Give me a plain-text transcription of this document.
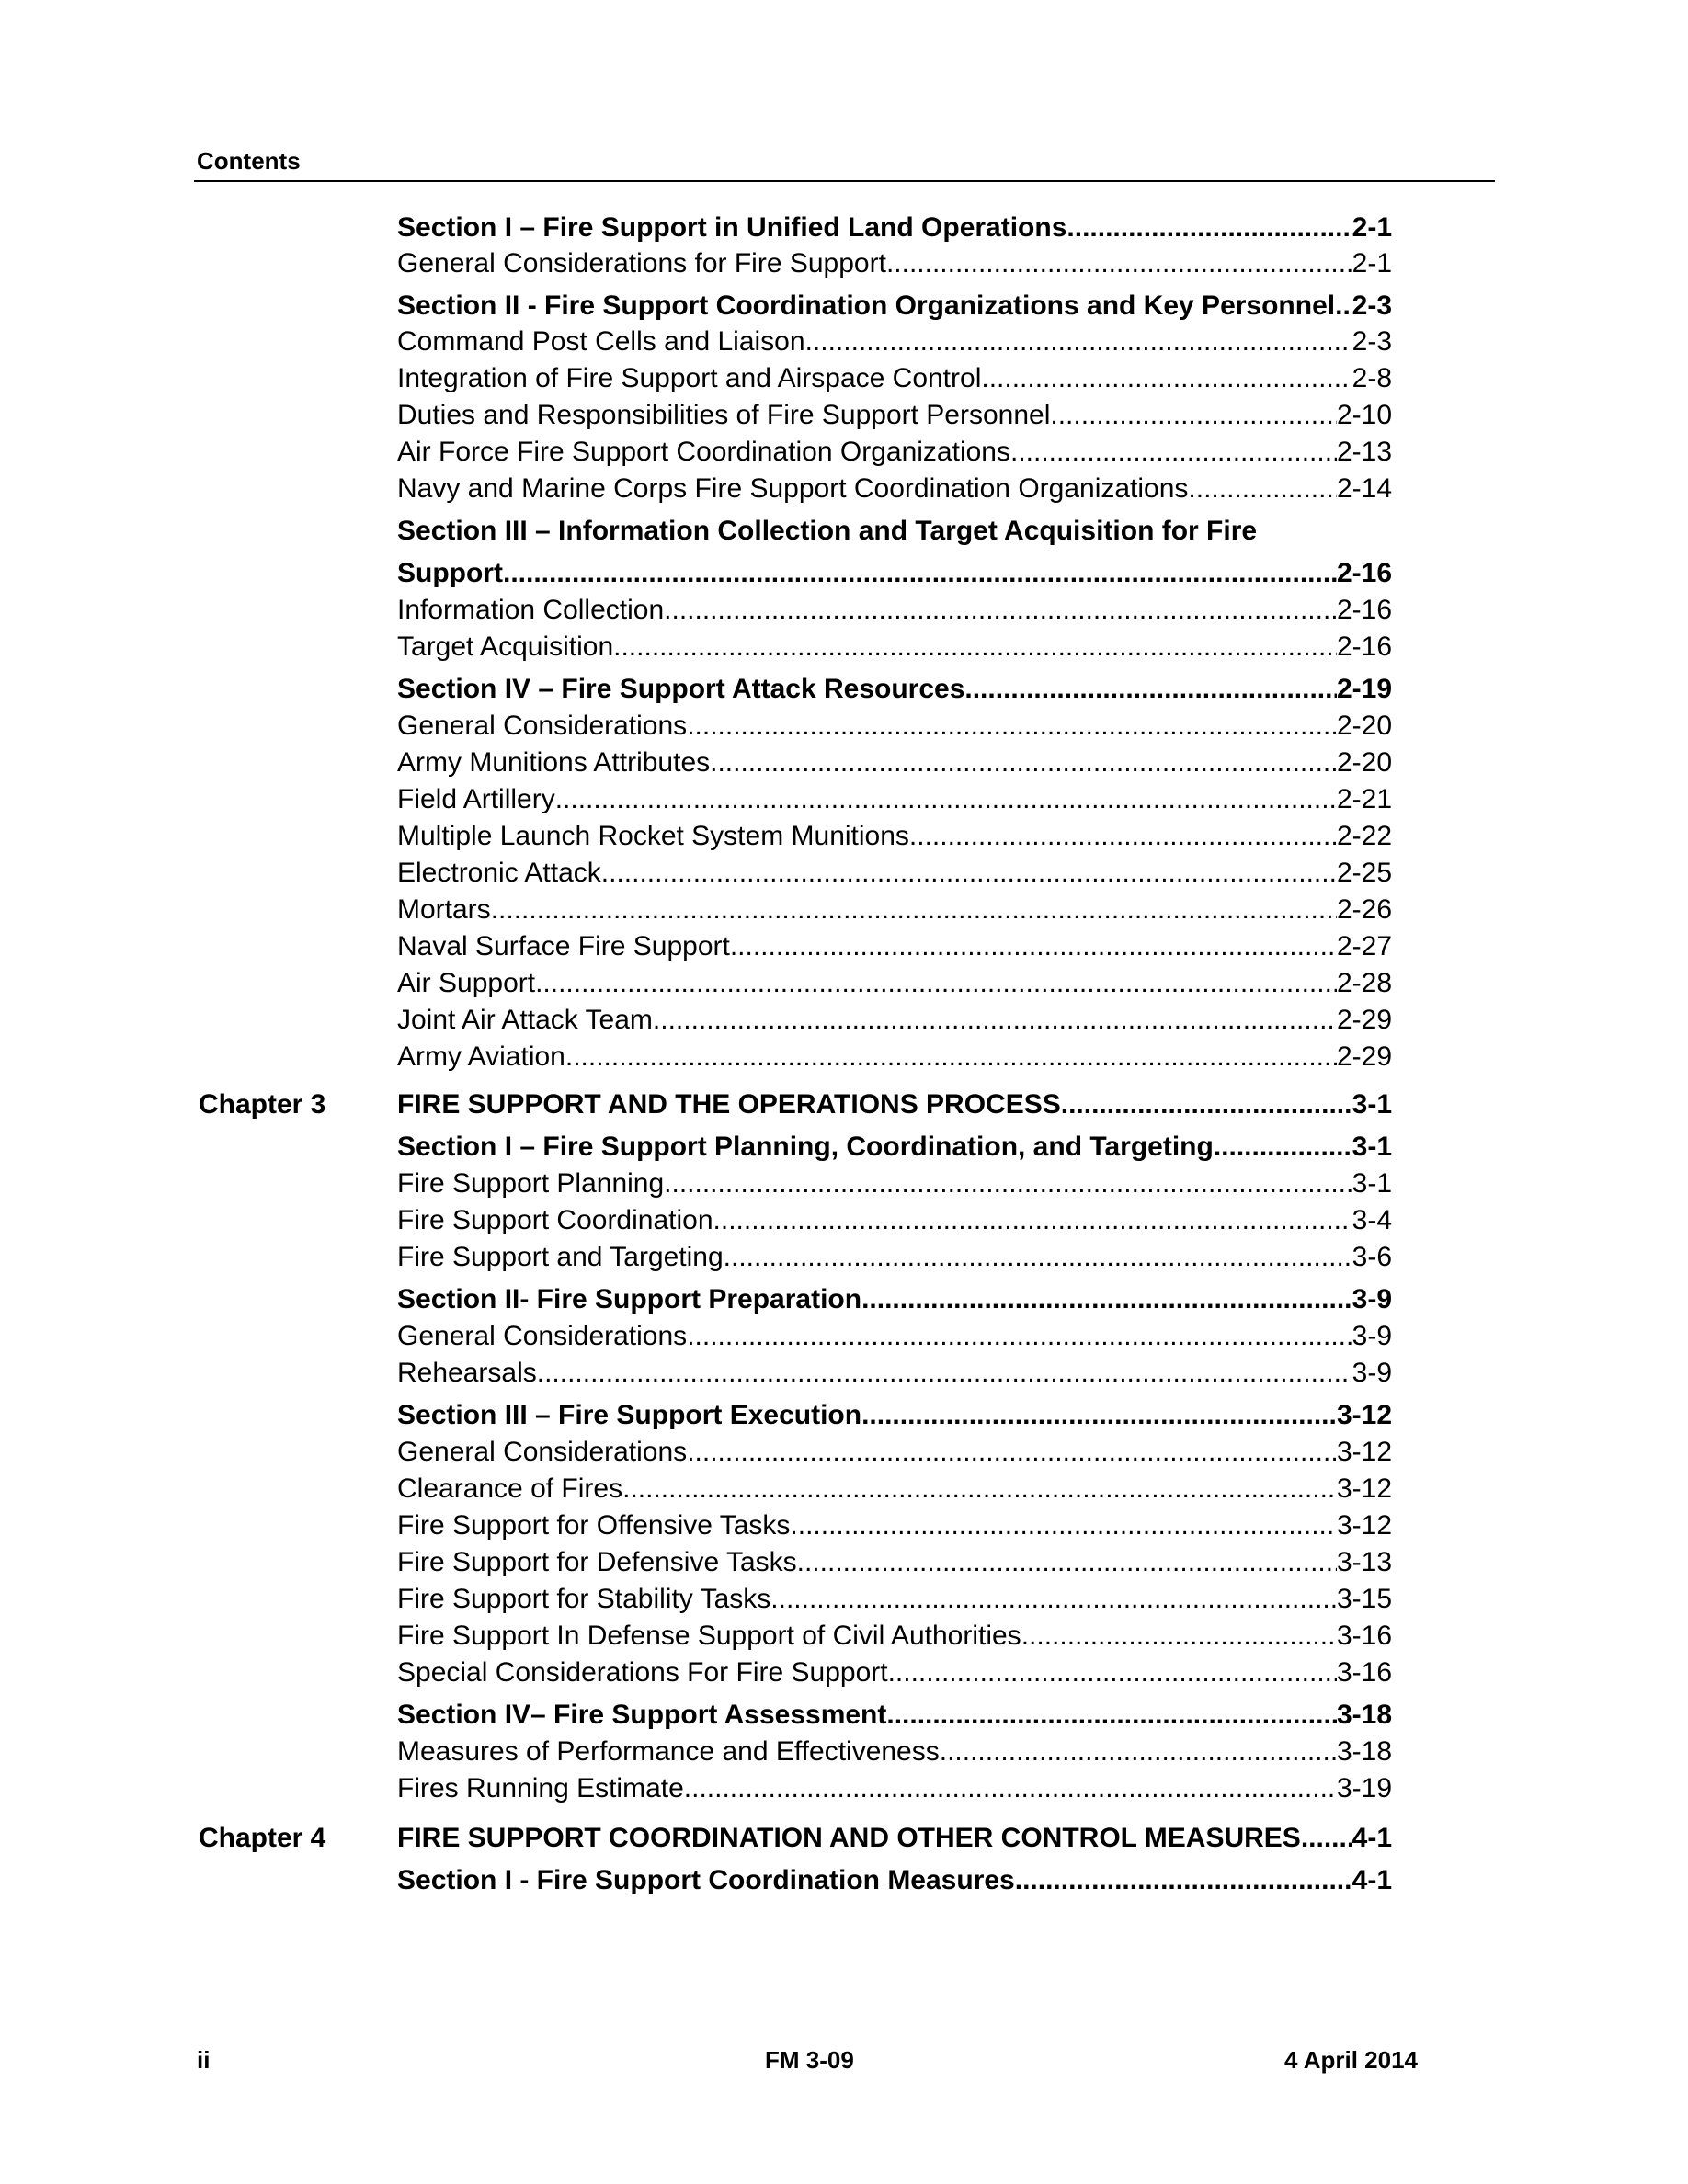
Contents
Section I – Fire Support in Unified Land Operations .....	2-1
General Considerations for Fire Support .....	2-1
Section II - Fire Support Coordination Organizations and Key Personnel ..... 2-3
Command Post Cells and Liaison .....	2-3
Integration of Fire Support and Airspace Control .....	2-8
Duties and Responsibilities of Fire Support Personnel .....	2-10
Air Force Fire Support Coordination Organizations .....	2-13
Navy and Marine Corps Fire Support Coordination Organizations .....	2-14
Section III – Information Collection and Target Acquisition for Fire
Support .....	2-16
Information Collection .....	2-16
Target Acquisition .....	2-16
Section IV – Fire Support Attack Resources .....	2-19
General Considerations .....	2-20
Army Munitions Attributes .....	2-20
Field Artillery .....	2-21
Multiple Launch Rocket System Munitions .....	2-22
Electronic Attack .....	2-25
Mortars .....	2-26
Naval Surface Fire Support .....	2-27
Air Support .....	2-28
Joint Air Attack Team .....	2-29
Army Aviation .....	2-29
Chapter 3	FIRE SUPPORT AND THE OPERATIONS PROCESS .....	3-1
Section I – Fire Support Planning, Coordination, and Targeting .....	3-1
Fire Support Planning .....	3-1
Fire Support Coordination .....	3-4
Fire Support and Targeting .....	3-6
Section II- Fire Support Preparation .....	3-9
General Considerations .....	3-9
Rehearsals .....	3-9
Section III – Fire Support Execution .....	3-12
General Considerations .....	3-12
Clearance of Fires .....	3-12
Fire Support for Offensive Tasks .....	3-12
Fire Support for Defensive Tasks .....	3-13
Fire Support for Stability Tasks .....	3-15
Fire Support In Defense Support of Civil Authorities .....	3-16
Special Considerations For Fire Support .....	3-16
Section IV– Fire Support Assessment .....	3-18
Measures of Performance and Effectiveness .....	3-18
Fires Running Estimate .....	3-19
Chapter 4	FIRE SUPPORT COORDINATION AND OTHER CONTROL MEASURES ..... 4-1
Section I - Fire Support Coordination Measures .....	4-1
ii	FM 3-09	4 April 2014
